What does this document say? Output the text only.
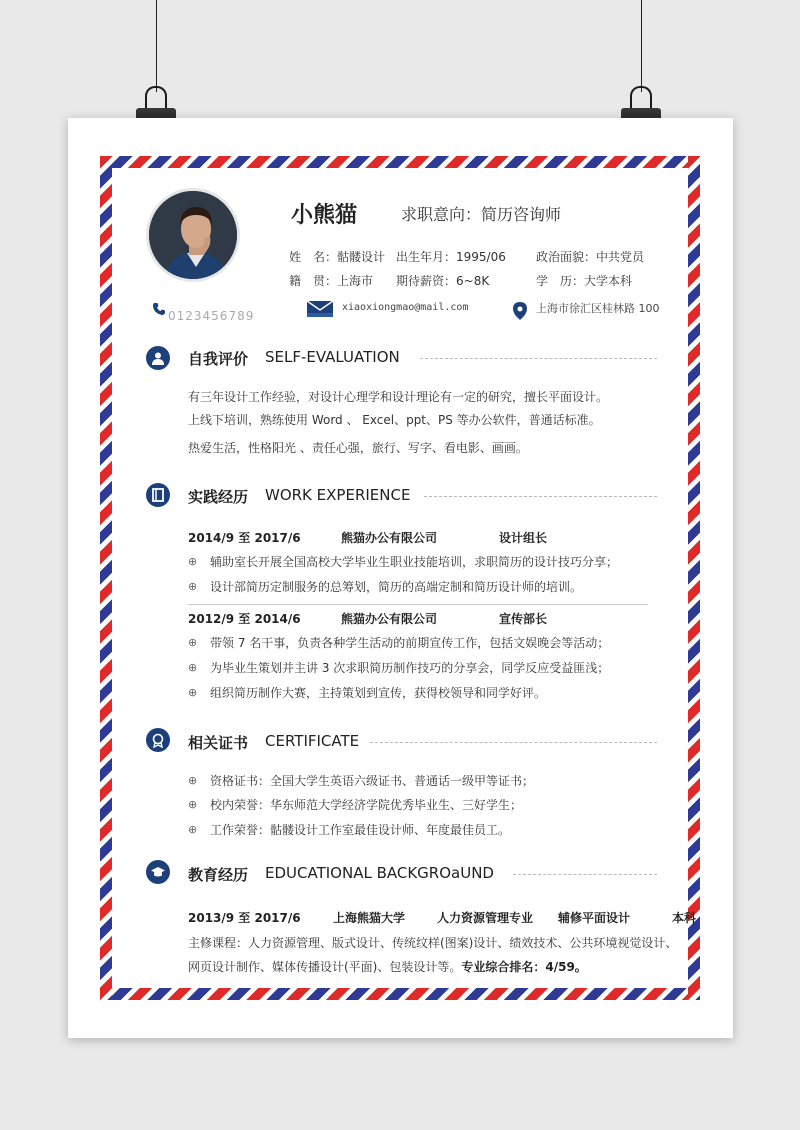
小熊猫	求职意向：简历咨询师
姓　名：骷髅设计 出生年月：1995/06	政治面貌：中共党员
籍　贯：上海市 期待薪资：6~8K	学　历：大学本科
0123456789
xiaoxiongmao@mail.com	上海市徐汇区桂林路 100
自我评价 SELF-EVALUATION
有三年设计工作经验，对设计心理学和设计理论有一定的研究，擅长平面设计。
上线下培训，熟练使用 Word 、 Excel、ppt、PS 等办公软件，普通话标准。
热爱生活，性格阳光 、责任心强，旅行、写字、看电影、画画。
实践经历 WORK EXPERIENCE
2014/9 至 2017/6	熊猫办公有限公司	设计组长
⊕ 辅助室长开展全国高校大学毕业生职业技能培训，求职简历的设计技巧分享；
⊕ 设计部简历定制服务的总筹划，简历的高端定制和简历设计师的培训。
2012/9 至 2014/6	熊猫办公有限公司	宣传部长
⊕ 带领 7 名干事，负责各种学生活动的前期宣传工作，包括文娱晚会等活动；
⊕ 为毕业生策划并主讲 3 次求职简历制作技巧的分享会，同学反应受益匪浅；
⊕ 组织简历制作大赛，主持策划到宣传，获得校领导和同学好评。
相关证书 CERTIFICATE
⊕ 资格证书：全国大学生英语六级证书、普通话一级甲等证书；
⊕ 校内荣誉：华东师范大学经济学院优秀毕业生、三好学生；
⊕ 工作荣誉：骷髅设计工作室最佳设计师、年度最佳员工。
教育经历 EDUCATIONAL BACKGROaUND
2013/9 至 2017/6	上海熊猫大学	人力资源管理专业 辅修平面设计	本科
主修课程：人力资源管理、版式设计、传统纹样(图案)设计、绩效技术、公共环境视觉设计、
网页设计制作、媒体传播设计(平面)、包装设计等。专业综合排名：4/59。
